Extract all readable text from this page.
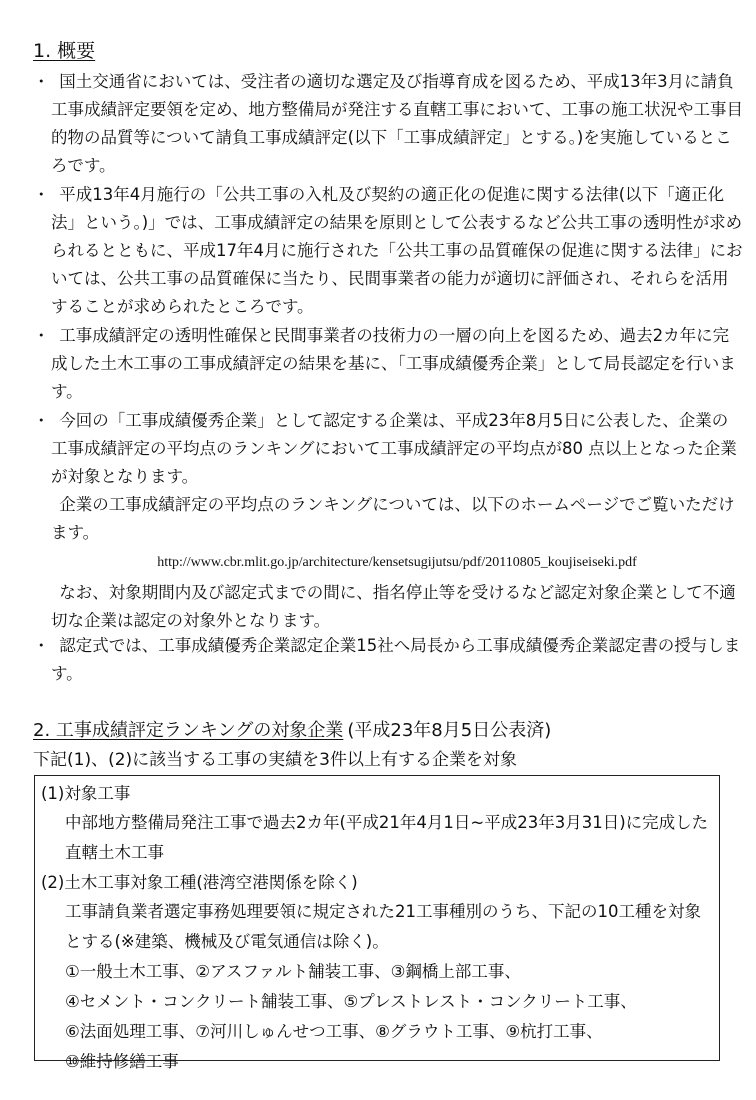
1. 概要
・ 国土交通省においては、受注者の適切な選定及び指導育成を図るため、平成13年3月に請負工事成績評定要領を定め、地方整備局が発注する直轄工事において、工事の施工状況や工事目的物の品質等について請負工事成績評定(以下「工事成績評定」とする。)を実施しているところです。

・ 平成13年4月施行の「公共工事の入札及び契約の適正化の促進に関する法律(以下「適正化法」という。)」では、工事成績評定の結果を原則として公表するなど公共工事の透明性が求められるとともに、平成17年4月に施行された「公共工事の品質確保の促進に関する法律」においては、公共工事の品質確保に当たり、民間事業者の能力が適切に評価され、それらを活用することが求められたところです。

・ 工事成績評定の透明性確保と民間事業者の技術力の一層の向上を図るため、過去2カ年に完成した土木工事の工事成績評定の結果を基に、「工事成績優秀企業」として局長認定を行います。

・ 今回の「工事成績優秀企業」として認定する企業は、平成23年8月5日に公表した、企業の工事成績評定の平均点のランキングにおいて工事成績評定の平均点が80 点以上となった企業が対象となります。

企業の工事成績評定の平均点のランキングについては、以下のホームページでご覧いただけます。

http://www.cbr.mlit.go.jp/architecture/kensetsugijutsu/pdf/20110805_koujiseiseki.pdf

なお、対象期間内及び認定式までの間に、指名停止等を受けるなど認定対象企業として不適切な企業は認定の対象外となります。

・ 認定式では、工事成績優秀企業認定企業15社へ局長から工事成績優秀企業認定書の授与します。

2. 工事成績評定ランキングの対象企業 (平成23年8月5日公表済)
下記(1)、(2)に該当する工事の実績を3件以上有する企業を対象

(1)対象工事

中部地方整備局発注工事で過去2カ年(平成21年4月1日~平成23年3月31日)に完成した直轄土木工事

(2)土木工事対象工種(港湾空港関係を除く)

工事請負業者選定事務処理要領に規定された21工事種別のうち、下記の10工種を対象とする(※建築、機械及び電気通信は除く)。

①一般土木工事、②アスファルト舗装工事、③鋼橋上部工事、
④セメント・コンクリート舗装工事、⑤プレストレスト・コンクリート工事、
⑥法面処理工事、⑦河川しゅんせつ工事、⑧グラウト工事、⑨杭打工事、
⑩維持修繕工事
